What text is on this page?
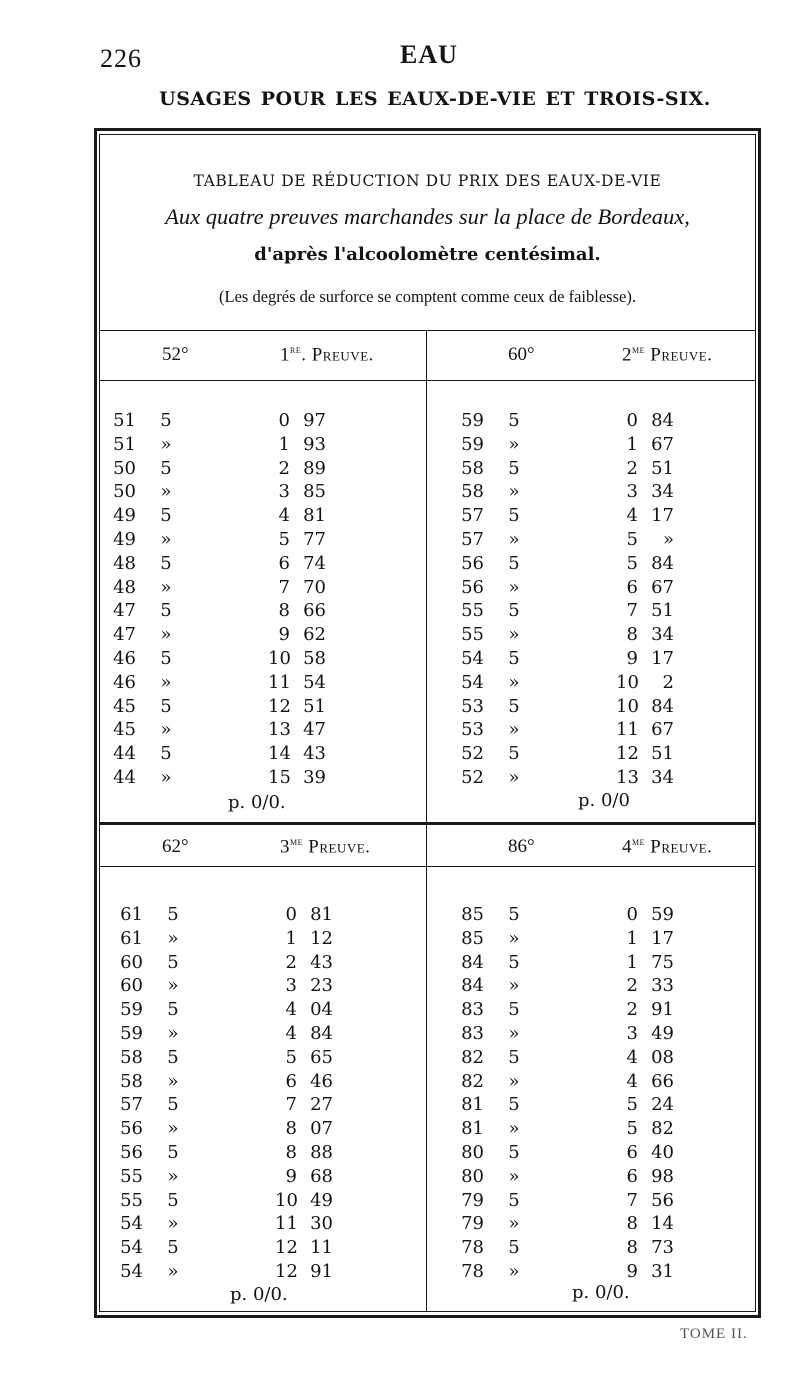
226	EAU
USAGES POUR LES EAUX-DE-VIE ET TROIS-SIX.
TABLEAU DE RÉDUCTION DU PRIX DES EAUX-DE-VIE
Aux quatre preuves marchandes sur la place de Bordeaux,
d'après l'alcoolomètre centésimal.
(Les degrés de surforce se comptent comme ceux de faiblesse).
52°	1re. Preuve.
51 5	0 97
51 »	1 93
50 5	2 89
50 »	3 85
49 5	4 81
49 »	5 77
48 5	6 74
48 »	7 70
47 5	8 66
47 »	9 62
46 5	10 58
46 »	11 54
45 5	12 51
45 »	13 47
44 5	14 43
44 »	15 39
p. 0/0.
60°	$2^{me}$ Preuve.
59 5	0 84
59 »	1 67
58 5	2 51
58 »	3 34
57 5	4 17
57 »	5	»
56 5	5 84
56 »	6 67
55 5	7 51
55 »	8 34
54 5	9 17
54 »	10	2
53 5	10 84
53 »	11 67
52 5	12 51
52 »	13 34
p. 0/0
62°	$3^{me}$ Preuve.
61 5	0 81
61 »	1 12
60 5	2 43
60 »	3 23
59 5	4 04
59 »	4 84
58 5	5 65
58 »	6 46
57 5	7 27
56 »	8 07
56 5	8 88
55 »	9 68
55 5	10 49
54 »	11 30
54 5	12 11
54 »	12 91
p. 0/0.
86°	$4^{me}$ Preuve.
85 5	0 59
85 »	1 17
84 5	1 75
84 »	2 33
83 5	2 91
83 »	3 49
82 5	4 08
82 »	4 66
81 5	5 24
81 »	5 82
80 5	6 40
80 »	6 98
79 5	7 56
79 »	8 14
78 5	8 73
78 »	9 31
p. 0/0.
TOME II.
